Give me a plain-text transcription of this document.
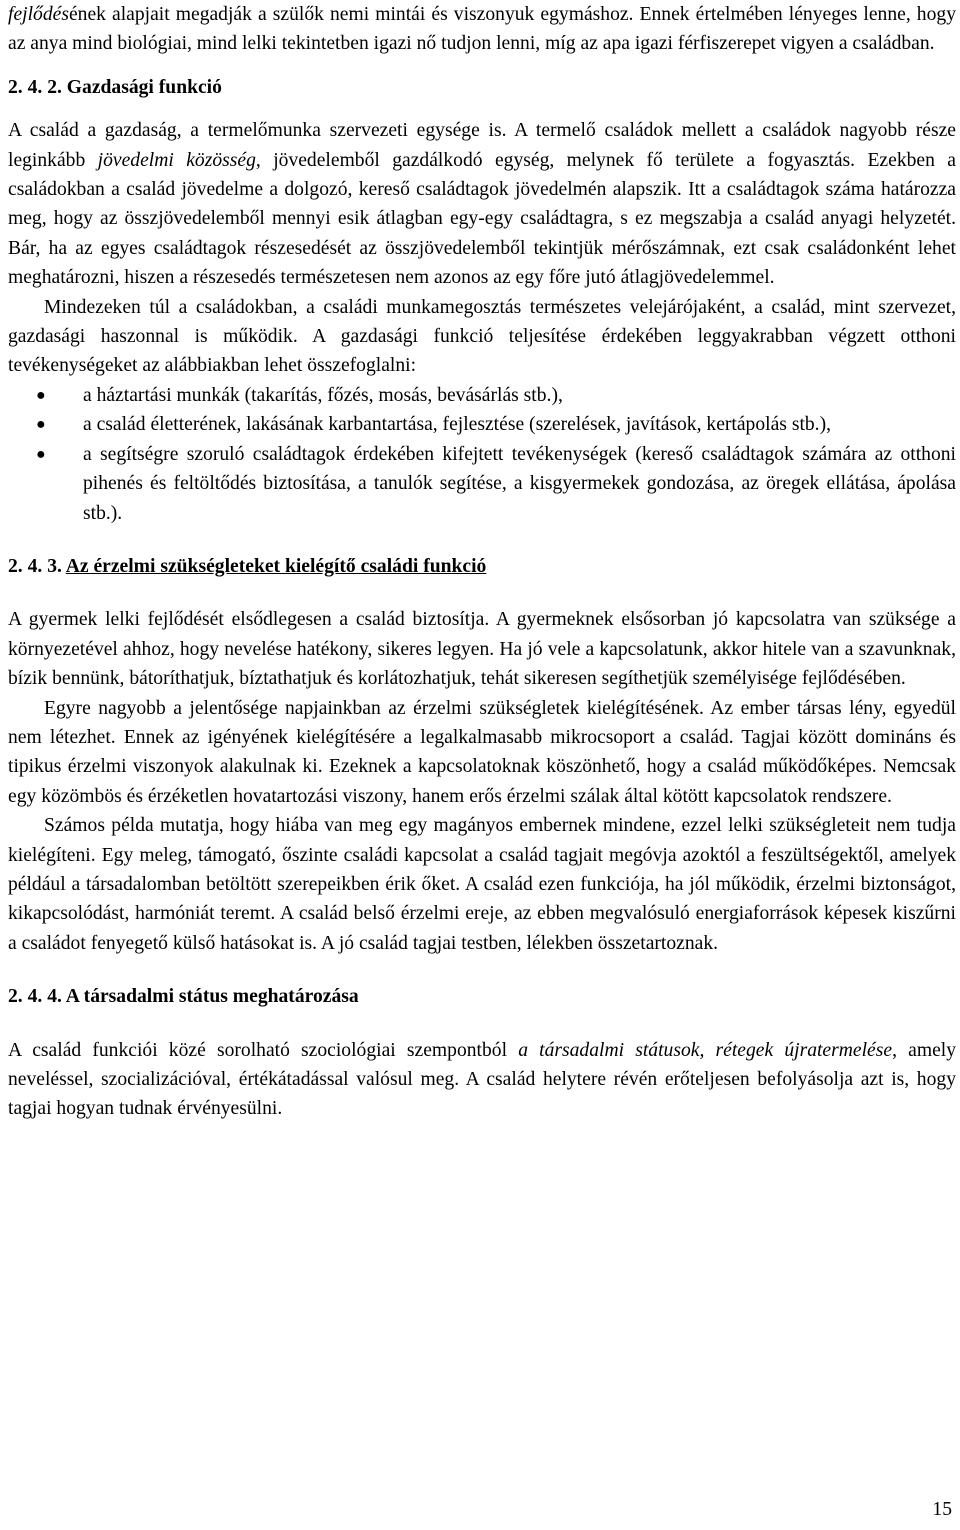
fejlődésének alapjait megadják a szülők nemi mintái és viszonyuk egymáshoz. Ennek értelmében lényeges lenne, hogy az anya mind biológiai, mind lelki tekintetben igazi nő tudjon lenni, míg az apa igazi férfiszerepet vigyen a családban.

2. 4. 2. Gazdasági funkció

A család a gazdaság, a termelőmunka szervezeti egysége is. A termelő családok mellett a családok nagyobb része leginkább jövedelmi közösség, jövedelemből gazdálkodó egység, melynek fő területe a fogyasztás. Ezekben a családokban a család jövedelme a dolgozó, kereső családtagok jövedelmén alapszik. Itt a családtagok száma határozza meg, hogy az összjövedelemből mennyi esik átlagban egy-egy családtagra, s ez megszabja a család anyagi helyzetét. Bár, ha az egyes családtagok részesedését az összjövedelemből tekintjük mérőszámnak, ezt csak családonként lehet meghatározni, hiszen a részesedés természetesen nem azonos az egy főre jutó átlagjövedelemmel.

Mindezeken túl a családokban, a családi munkamegosztás természetes velejárójaként, a család, mint szervezet, gazdasági haszonnal is működik. A gazdasági funkció teljesítése érdekében leggyakrabban végzett otthoni tevékenységeket az alábbiakban lehet összefoglalni:

● a háztartási munkák (takarítás, főzés, mosás, bevásárlás stb.),
● a család életterének, lakásának karbantartása, fejlesztése (szerelések, javítások, kertápolás stb.),
● a segítségre szoruló családtagok érdekében kifejtett tevékenységek (kereső családtagok számára az otthoni pihenés és feltöltődés biztosítása, a tanulók segítése, a kisgyermekek gondozása, az öregek ellátása, ápolása stb.).
2. 4. 3. Az érzelmi szükségleteket kielégítő családi funkció

A gyermek lelki fejlődését elsődlegesen a család biztosítja. A gyermeknek elsősorban jó kapcsolatra van szüksége a környezetével ahhoz, hogy nevelése hatékony, sikeres legyen. Ha jó vele a kapcsolatunk, akkor hitele van a szavunknak, bízik bennünk, bátoríthatjuk, bíztathatjuk és korlátozhatjuk, tehát sikeresen segíthetjük személyisége fejlődésében.

Egyre nagyobb a jelentősége napjainkban az érzelmi szükségletek kielégítésének. Az ember társas lény, egyedül nem létezhet. Ennek az igényének kielégítésére a legalkalmasabb mikrocsoport a család. Tagjai között domináns és tipikus érzelmi viszonyok alakulnak ki. Ezeknek a kapcsolatoknak köszönhető, hogy a család működőképes. Nemcsak egy közömbös és érzéketlen hovatartozási viszony, hanem erős érzelmi szálak által kötött kapcsolatok rendszere.

Számos példa mutatja, hogy hiába van meg egy magányos embernek mindene, ezzel lelki szükségleteit nem tudja kielégíteni. Egy meleg, támogató, őszinte családi kapcsolat a család tagjait megóvja azoktól a feszültségektől, amelyek például a társadalomban betöltött szerepeikben érik őket. A család ezen funkciója, ha jól működik, érzelmi biztonságot, kikapcsolódást, harmóniát teremt. A család belső érzelmi ereje, az ebben megvalósuló energiaforrások képesek kiszűrni a családot fenyegető külső hatásokat is. A jó család tagjai testben, lélekben összetartoznak.

2. 4. 4. A társadalmi státus meghatározása

A család funkciói közé sorolható szociológiai szempontból a társadalmi státusok, rétegek újratermelése, amely neveléssel, szocializációval, értékátadással valósul meg. A család helytere révén erőteljesen befolyásolja azt is, hogy tagjai hogyan tudnak érvényesülni.

15
